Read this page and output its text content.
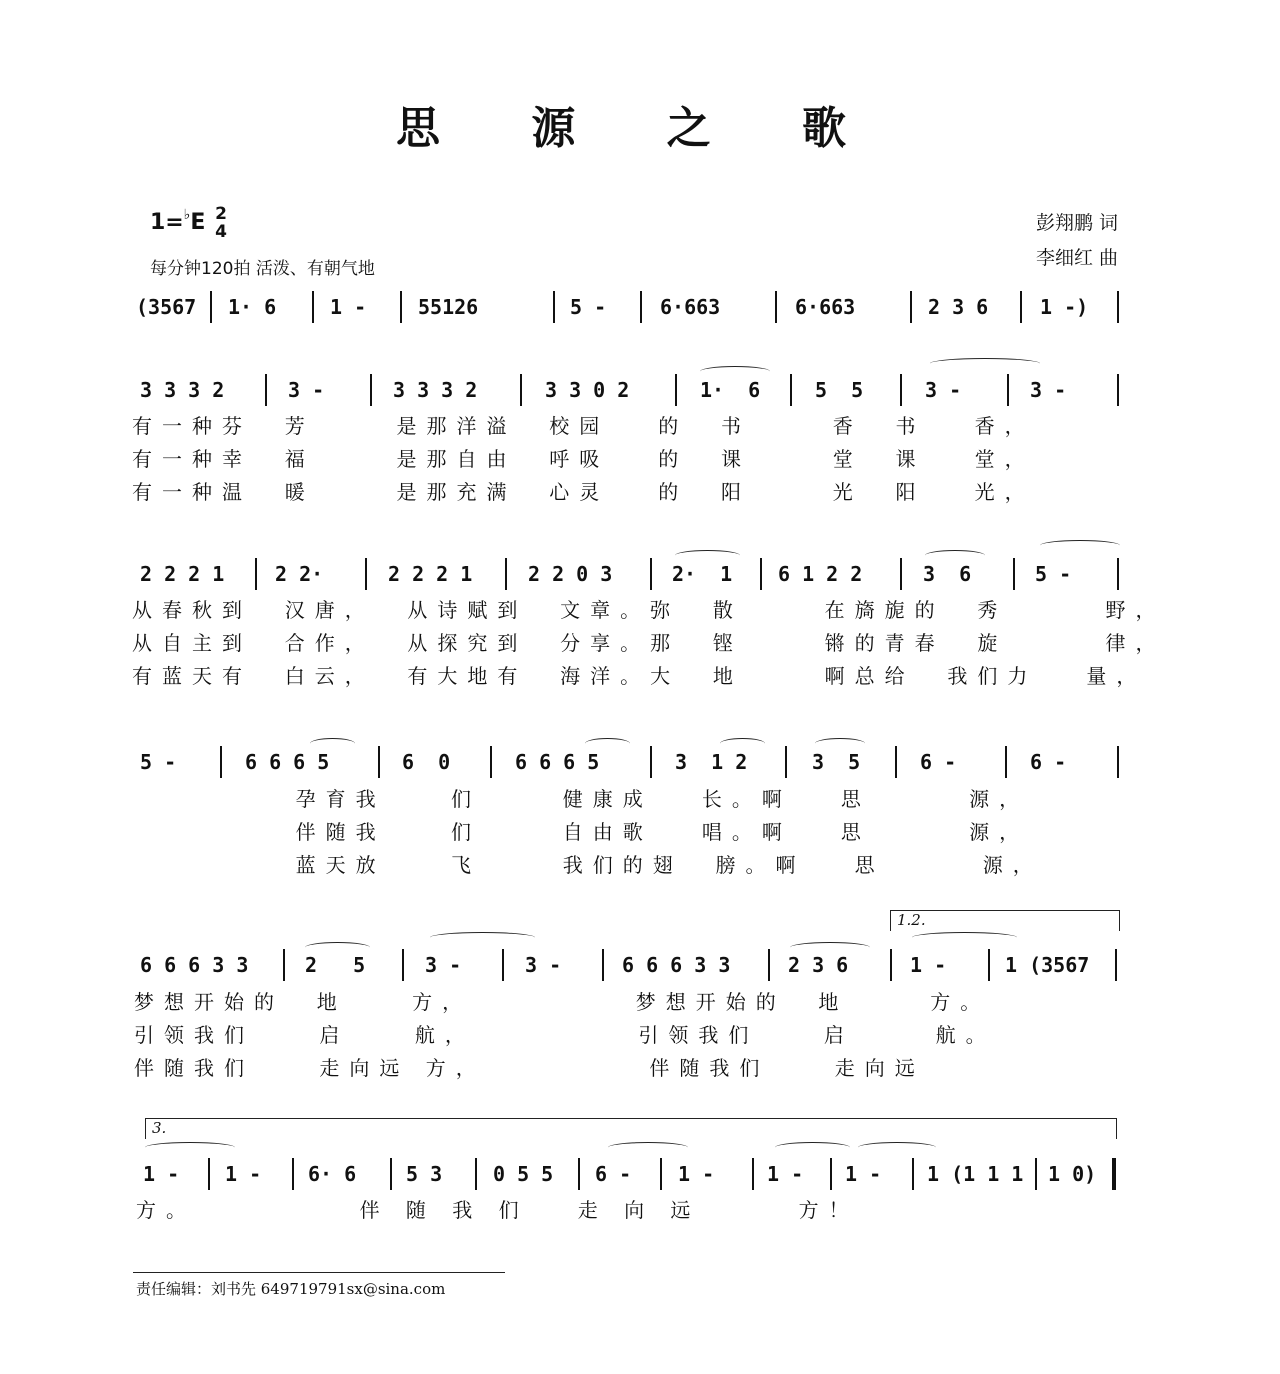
思 源 之 歌
1=♭E 2
4
每分钟120拍 活泼、有朝气地
彭翔鹏 词
李细红 曲
(3567 1· 6	1 -	55126	5 -	6·663	6·663	2 3 6	1 -)
3 3 3 2	3 -	3 3 3 2	3 3 0 2	1·  6	5  5	3 -	3 -
有一种芬  芳     是那洋溢  校园   的  书     香  书   香，
有一种幸  福     是那自由  呼吸   的  课     堂  课   堂，
有一种温  暖     是那充满  心灵   的  阳     光  阳   光，
2 2 2 1	2 2·	2 2 2 1	2 2 0 3	2·  1 6 1 2 2	3  6	5 -
从春秋到  汉唐，  从诗赋到  文章。弥  散     在旖旎的  秀      野，
从自主到  合作，  从探究到  分享。那  铿     锵的青春  旋      律，
有蓝天有  白云，  有大地有  海洋。大  地     啊总给  我们力   量，
5 -	6 6 6 5	6  0	6 6 6 5	3  1 2	3  5	6 -	6 -
孕育我    们     健康成   长。啊   思      源，
伴随我    们     自由歌   唱。啊   思      源，
蓝天放    飞     我们的翅  膀。啊   思      源，
1.2.
6 6 6 3 3	2   5	3 -	3 -	6 6 6 3 3	2 3 6	1 -	1 (3567
梦想开始的  地    方，          梦想开始的  地     方。
引领我们    启    航，          引领我们    启     航。
伴随我们    走向远 方，          伴随我们    走向远
3.
1 - 1 - 6· 6 5 3	0 5 5 6 - 1 -	1 - 1 - 1 (1 1 1 1 0)
方。          伴 随 我 们   走 向 远      方！
责任编辑：刘书先 649719791sx@sina.com
